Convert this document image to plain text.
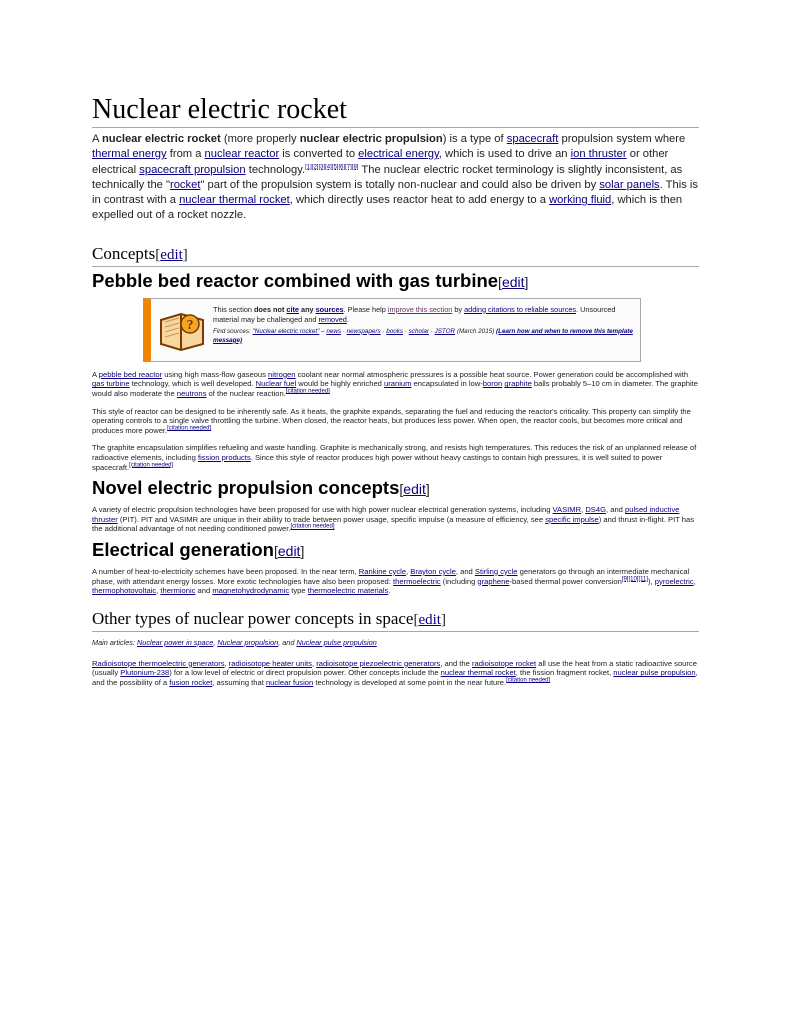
Nuclear electric rocket

A nuclear electric rocket (more properly nuclear electric propulsion) is a type of spacecraft propulsion system where thermal energy from a nuclear reactor is converted to electrical energy, which is used to drive an ion thruster or other electrical spacecraft propulsion technology.[1][2][3][4][5][6][7][8] The nuclear electric rocket terminology is slightly inconsistent, as technically the "rocket" part of the propulsion system is totally non-nuclear and could also be driven by solar panels. This is in contrast with a nuclear thermal rocket, which directly uses reactor heat to add energy to a working fluid, which is then expelled out of a rocket nozzle.

Concepts[edit]
Pebble bed reactor combined with gas turbine[edit]
?
This section does not cite any sources. Please help improve this section by adding citations to reliable sources. Unsourced material may be challenged and removed.
Find sources: "Nuclear electric rocket" – news · newspapers · books · scholar · JSTOR (March 2015) (Learn how and when to remove this template message)

A pebble bed reactor using high mass-flow gaseous nitrogen coolant near normal atmospheric pressures is a possible heat source. Power generation could be accomplished with gas turbine technology, which is well developed. Nuclear fuel would be highly enriched uranium encapsulated in low-boron graphite balls probably 5–10 cm in diameter. The graphite would also moderate the neutrons of the nuclear reaction.[citation needed]

This style of reactor can be designed to be inherently safe. As it heats, the graphite expands, separating the fuel and reducing the reactor's criticality. This property can simplify the operating controls to a single valve throttling the turbine. When closed, the reactor heats, but produces less power. When open, the reactor cools, but becomes more critical and produces more power.[citation needed]

The graphite encapsulation simplifies refueling and waste handling. Graphite is mechanically strong, and resists high temperatures. This reduces the risk of an unplanned release of radioactive elements, including fission products. Since this style of reactor produces high power without heavy castings to contain high pressures, it is well suited to power spacecraft.[citation needed]

Novel electric propulsion concepts[edit]

A variety of electric propulsion technologies have been proposed for use with high power nuclear electrical generation systems, including VASIMR, DS4G, and pulsed inductive thruster (PIT). PIT and VASIMR are unique in their ability to trade between power usage, specific impulse (a measure of efficiency, see specific impulse) and thrust in-flight. PIT has the additional advantage of not needing conditioned power.[citation needed]

Electrical generation[edit]

A number of heat-to-electricity schemes have been proposed. In the near term, Rankine cycle, Brayton cycle, and Stirling cycle generators go through an intermediate mechanical phase, with attendant energy losses. More exotic technologies have also been proposed: thermoelectric (including graphene-based thermal power conversion[9][10][11]), pyroelectric, thermophotovoltaic, thermionic and magnetohydrodynamic type thermoelectric materials.

Other types of nuclear power concepts in space[edit]

Main articles: Nuclear power in space, Nuclear propulsion, and Nuclear pulse propulsion

Radioisotope thermoelectric generators, radioisotope heater units, radioisotope piezoelectric generators, and the radioisotope rocket all use the heat from a static radioactive source (usually Plutonium-238) for a low level of electric or direct propulsion power. Other concepts include the nuclear thermal rocket, the fission fragment rocket, nuclear pulse propulsion, and the possibility of a fusion rocket, assuming that nuclear fusion technology is developed at some point in the near future.[citation needed]
